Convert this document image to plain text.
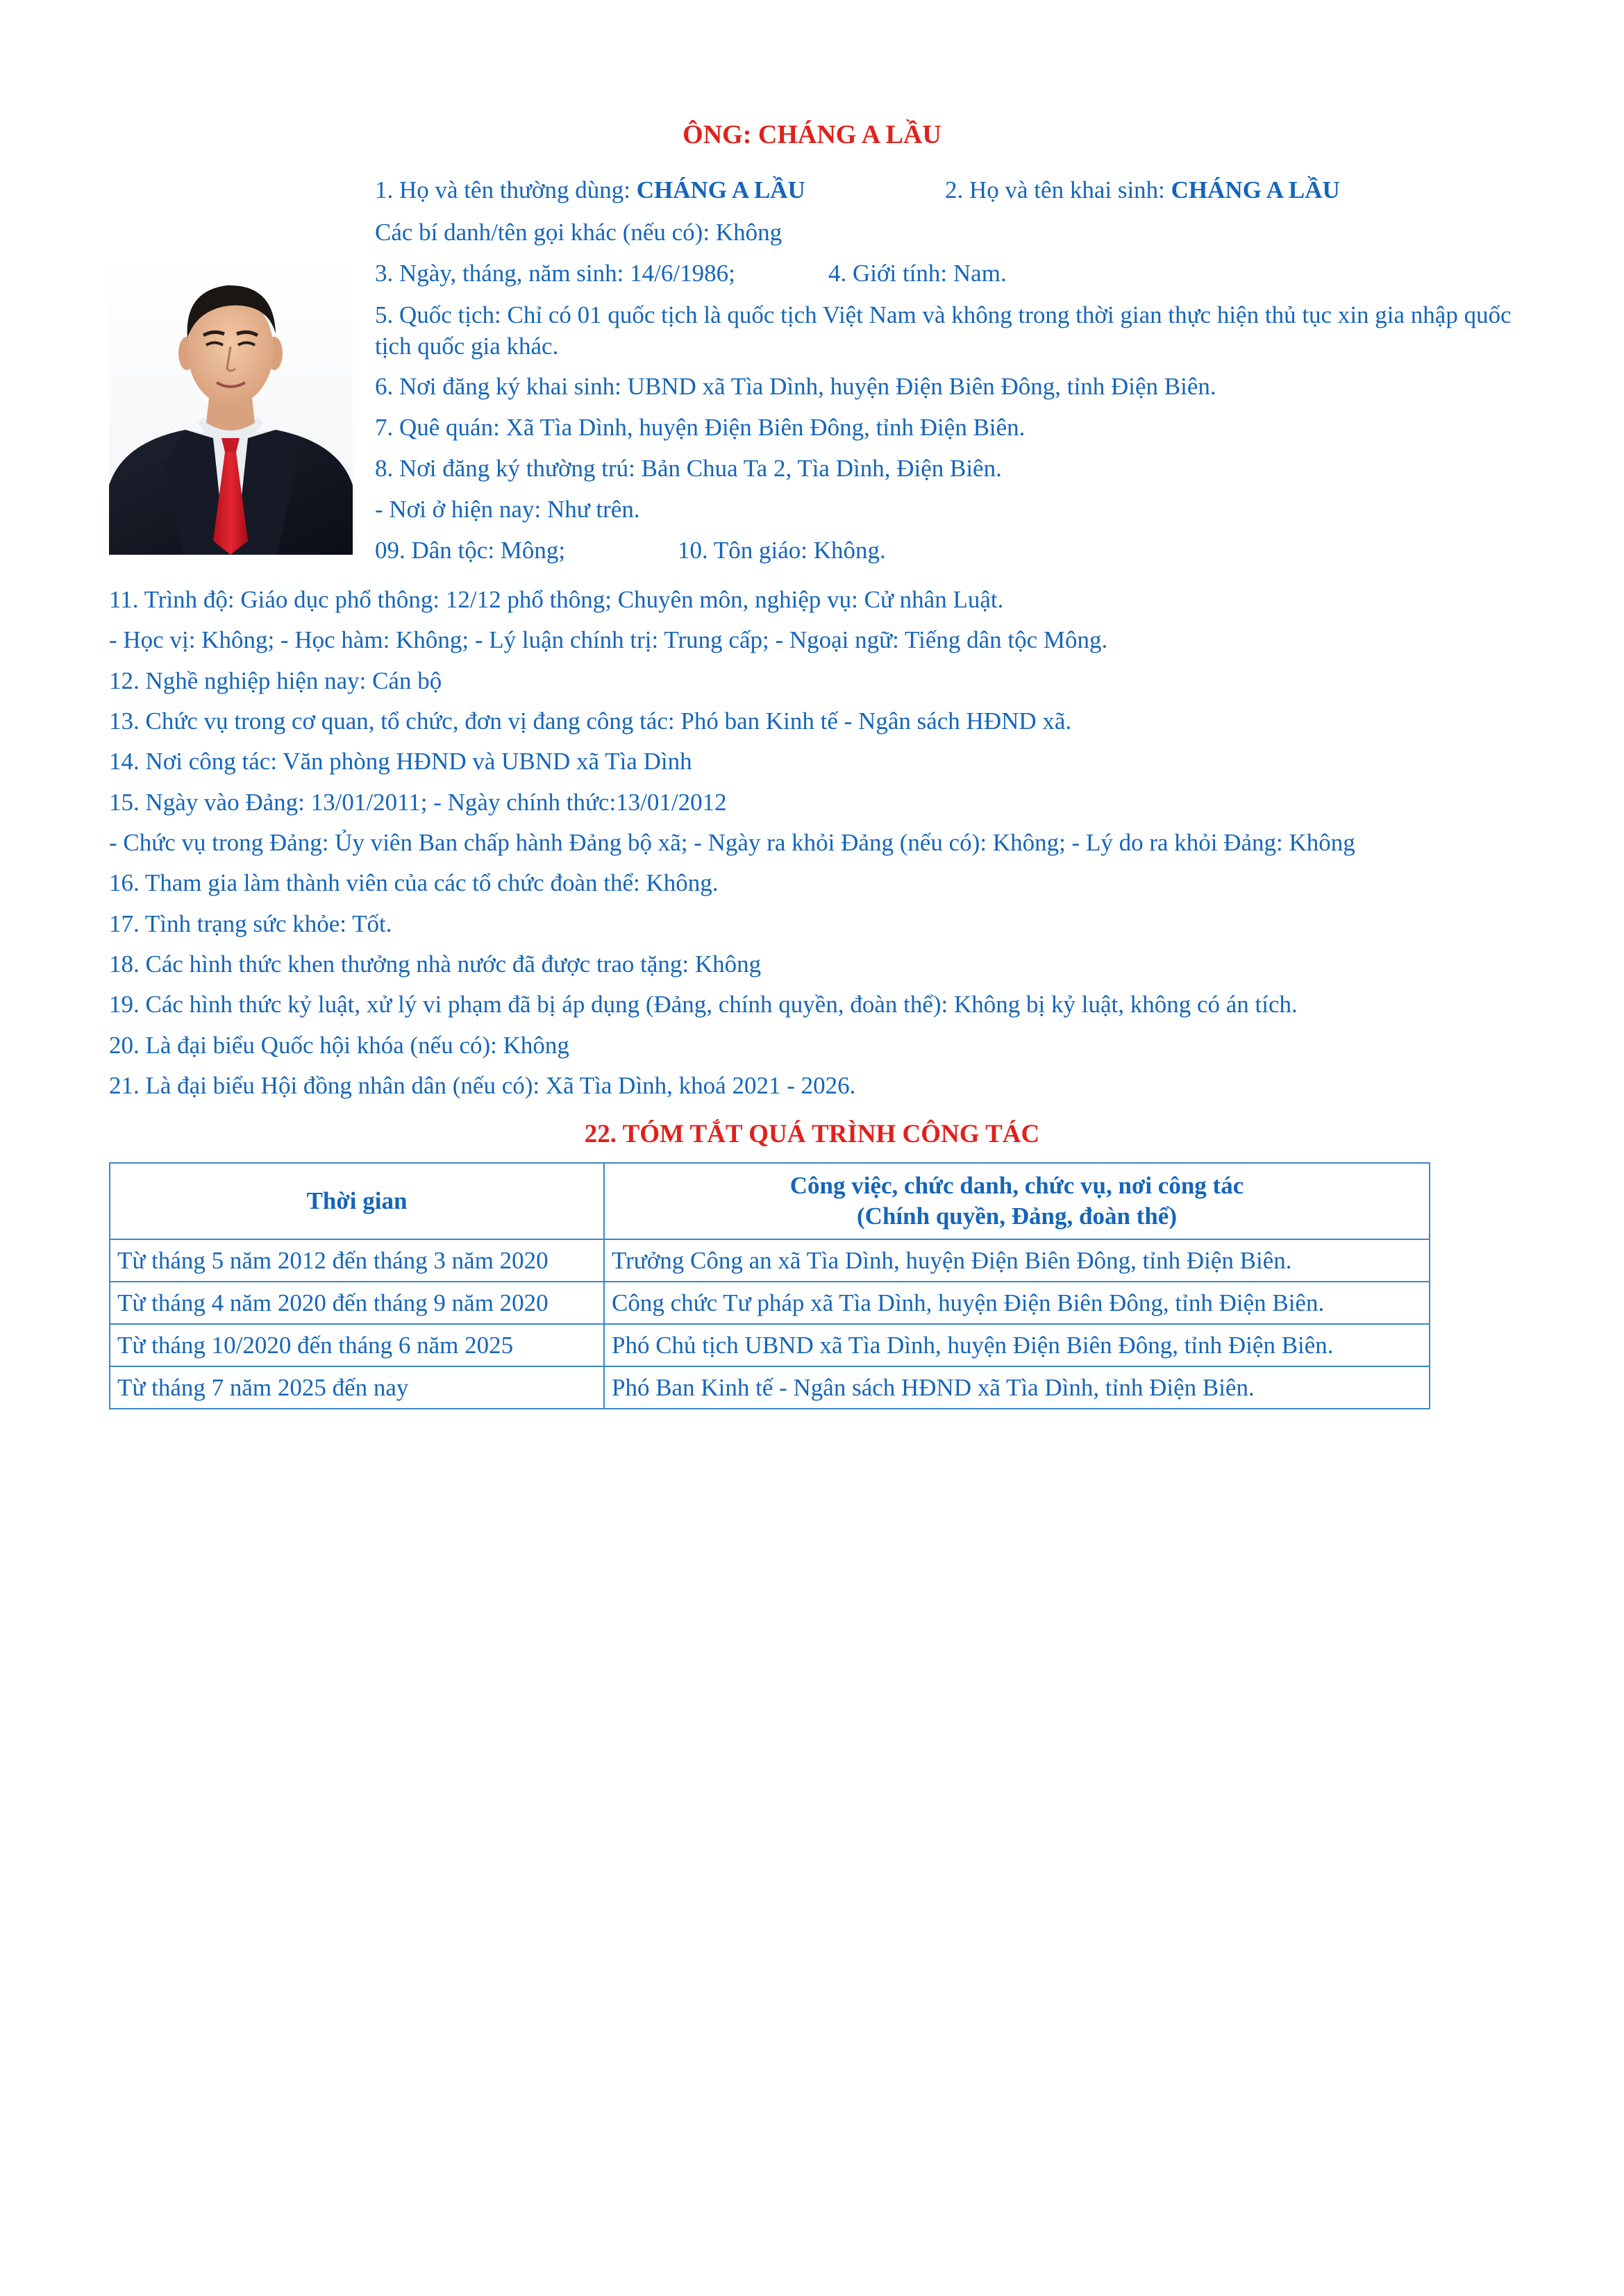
ÔNG: CHÁNG A LẦU
1. Họ và tên thường dùng: CHÁNG A LẦU	2. Họ và tên khai sinh: CHÁNG A LẦU
Các bí danh/tên gọi khác (nếu có): Không
3. Ngày, tháng, năm sinh: 14/6/1986;	4. Giới tính: Nam.
5. Quốc tịch: Chỉ có 01 quốc tịch là quốc tịch Việt Nam và không trong thời gian thực hiện thủ tục xin gia nhập quốc tịch quốc gia khác.
6. Nơi đăng ký khai sinh: UBND xã Tìa Dình, huyện Điện Biên Đông, tỉnh Điện Biên.
7. Quê quán: Xã Tìa Dình, huyện Điện Biên Đông, tỉnh Điện Biên.
8. Nơi đăng ký thường trú: Bản Chua Ta 2, Tìa Dình, Điện Biên.
- Nơi ở hiện nay: Như trên.
09. Dân tộc: Mông;	10. Tôn giáo: Không.
11. Trình độ: Giáo dục phổ thông: 12/12 phổ thông; Chuyên môn, nghiệp vụ: Cử nhân Luật.
- Học vị: Không; - Học hàm: Không; - Lý luận chính trị: Trung cấp; - Ngoại ngữ: Tiếng dân tộc Mông.
12. Nghề nghiệp hiện nay: Cán bộ
13. Chức vụ trong cơ quan, tổ chức, đơn vị đang công tác: Phó ban Kinh tế - Ngân sách HĐND xã.
14. Nơi công tác: Văn phòng HĐND và UBND xã Tìa Dình
15. Ngày vào Đảng: 13/01/2011; - Ngày chính thức:13/01/2012
- Chức vụ trong Đảng: Ủy viên Ban chấp hành Đảng bộ xã; - Ngày ra khỏi Đảng (nếu có): Không; - Lý do ra khỏi Đảng: Không
16. Tham gia làm thành viên của các tổ chức đoàn thể: Không.
17. Tình trạng sức khỏe: Tốt.
18. Các hình thức khen thưởng nhà nước đã được trao tặng: Không
19. Các hình thức kỷ luật, xử lý vi phạm đã bị áp dụng (Đảng, chính quyền, đoàn thể): Không bị kỷ luật, không có án tích.
20. Là đại biểu Quốc hội khóa (nếu có): Không
21. Là đại biểu Hội đồng nhân dân (nếu có): Xã Tìa Dình, khoá 2021 - 2026.
22. TÓM TẮT QUÁ TRÌNH CÔNG TÁC
Thời gian	Công việc, chức danh, chức vụ, nơi công tác
(Chính quyền, Đảng, đoàn thể)

Từ tháng 5 năm 2012 đến tháng 3 năm 2020	Trưởng Công an xã Tìa Dình, huyện Điện Biên Đông, tỉnh Điện Biên.
Từ tháng 4 năm 2020 đến tháng 9 năm 2020	Công chức Tư pháp xã Tìa Dình, huyện Điện Biên Đông, tỉnh Điện Biên.
Từ tháng 10/2020 đến tháng 6 năm 2025	Phó Chủ tịch UBND xã Tìa Dình, huyện Điện Biên Đông, tỉnh Điện Biên.
Từ tháng 7 năm 2025 đến nay	Phó Ban Kinh tế - Ngân sách HĐND xã Tìa Dình, tỉnh Điện Biên.
